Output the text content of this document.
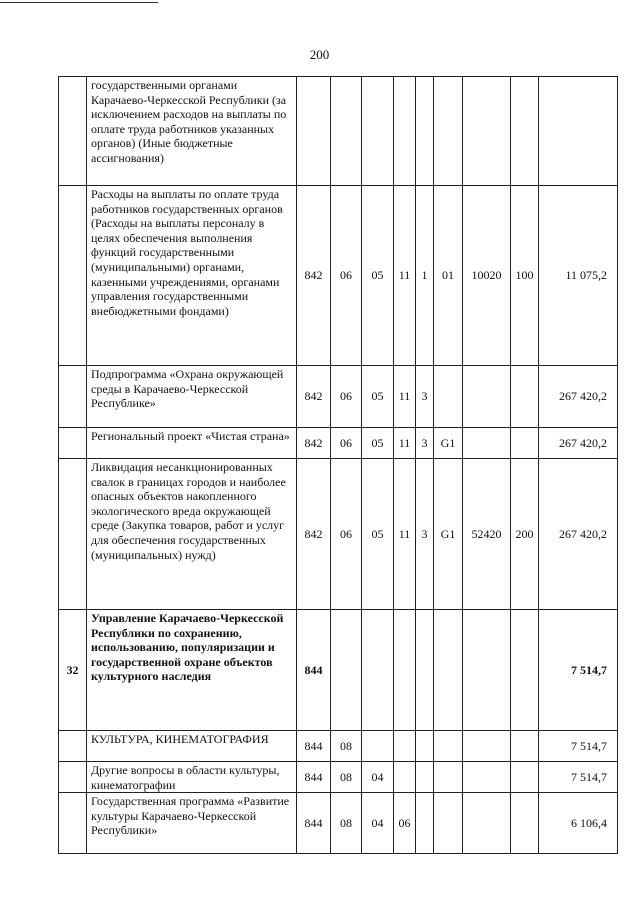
200
	государственными органами Карачаево-Черкесской Республики (за исключением расходов на выплаты по оплате труда работников указанных органов) (Иные бюджетные ассигнования)									
	Расходы на выплаты по оплате труда работников государственных органов (Расходы на выплаты персоналу в целях обеспечения выполнения функций государственными (муниципальными) органами, казенными учреждениями, органами управления государственными внебюджетными фондами)	842	06	05	11	1	01	10020	100	11 075,2
	Подпрограмма «Охрана окружающей среды в Карачаево-Черкесской Республике»	842	06	05	11	3				267 420,2
	Региональный проект «Чистая страна»	842	06	05	11	3	G1			267 420,2
	Ликвидация несанкционированных свалок в границах городов и наиболее опасных объектов накопленного экологического вреда окружающей среде (Закупка товаров, работ и услуг для обеспечения государственных (муниципальных) нужд)	842	06	05	11	3	G1	52420	200	267 420,2
32	Управление Карачаево-Черкесской Республики по сохранению, использованию, популяризации и государственной охране объектов культурного наследия	844								7 514,7
	КУЛЬТУРА, КИНЕМАТОГРАФИЯ	844	08							7 514,7
	Другие вопросы в области культуры, кинематографии	844	08	04						7 514,7
	Государственная программа «Развитие культуры Карачаево-Черкесской Республики»	844	08	04	06					6 106,4
